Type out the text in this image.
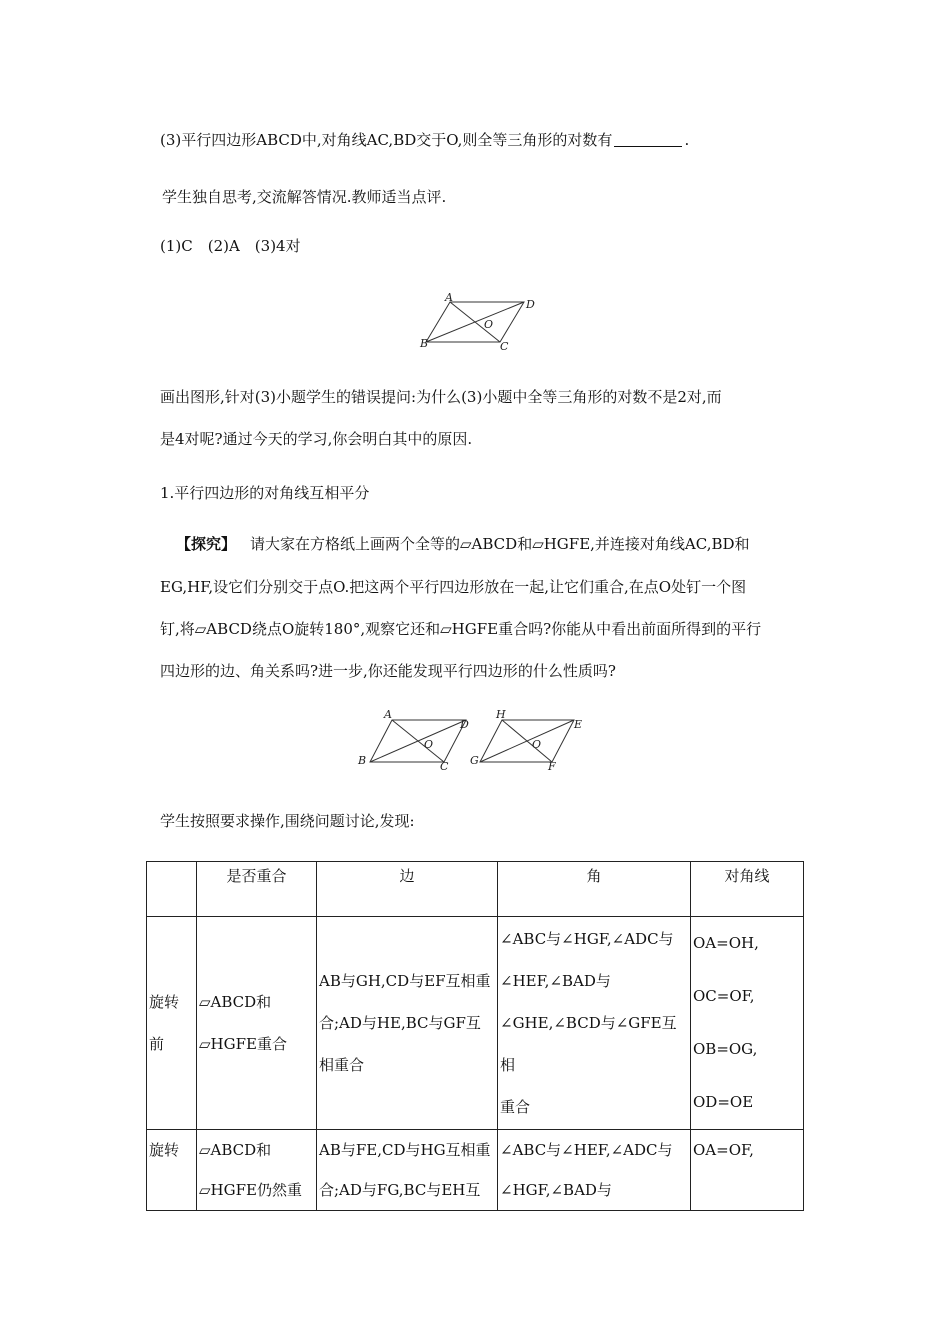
(3)平行四边形ABCD中,对角线AC,BD交于O,则全等三角形的对数有	.
学生独自思考,交流解答情况.教师适当点评.
(1)C　(2)A　(3)4对
A
D
O
B	C
画出图形,针对(3)小题学生的错误提问:为什么(3)小题中全等三角形的对数不是2对,而
是4对呢?通过今天的学习,你会明白其中的原因.
1.平行四边形的对角线互相平分
【探究】 请大家在方格纸上画两个全等的▱ABCD和▱HGFE,并连接对角线AC,BD和
EG,HF,设它们分别交于点O.把这两个平行四边形放在一起,让它们重合,在点O处钉一个图
钉,将▱ABCD绕点O旋转180°,观察它还和▱HGFE重合吗?你能从中看出前面所得到的平行
四边形的边、角关系吗?进一步,你还能发现平行四边形的什么性质吗?
A
D
O
B	C
H
E
O
G	F
学生按照要求操作,围绕问题讨论,发现:
	是否重合	边	角	对角线

旋转
前	▱ABCD和
▱HGFE重合	AB与GH,CD与EF互相重
合;AD与HE,BC与GF互
相重合	∠ABC与∠HGF,∠ADC与
∠HEF,∠BAD与
∠GHE,∠BCD与∠GFE互相
重合	OA=OH,
OC=OF,
OB=OG,
OD=OE

旋转	▱ABCD和
▱HGFE仍然重	AB与FE,CD与HG互相重
合;AD与FG,BC与EH互	∠ABC与∠HEF,∠ADC与
∠HGF,∠BAD与	OA=OF,
